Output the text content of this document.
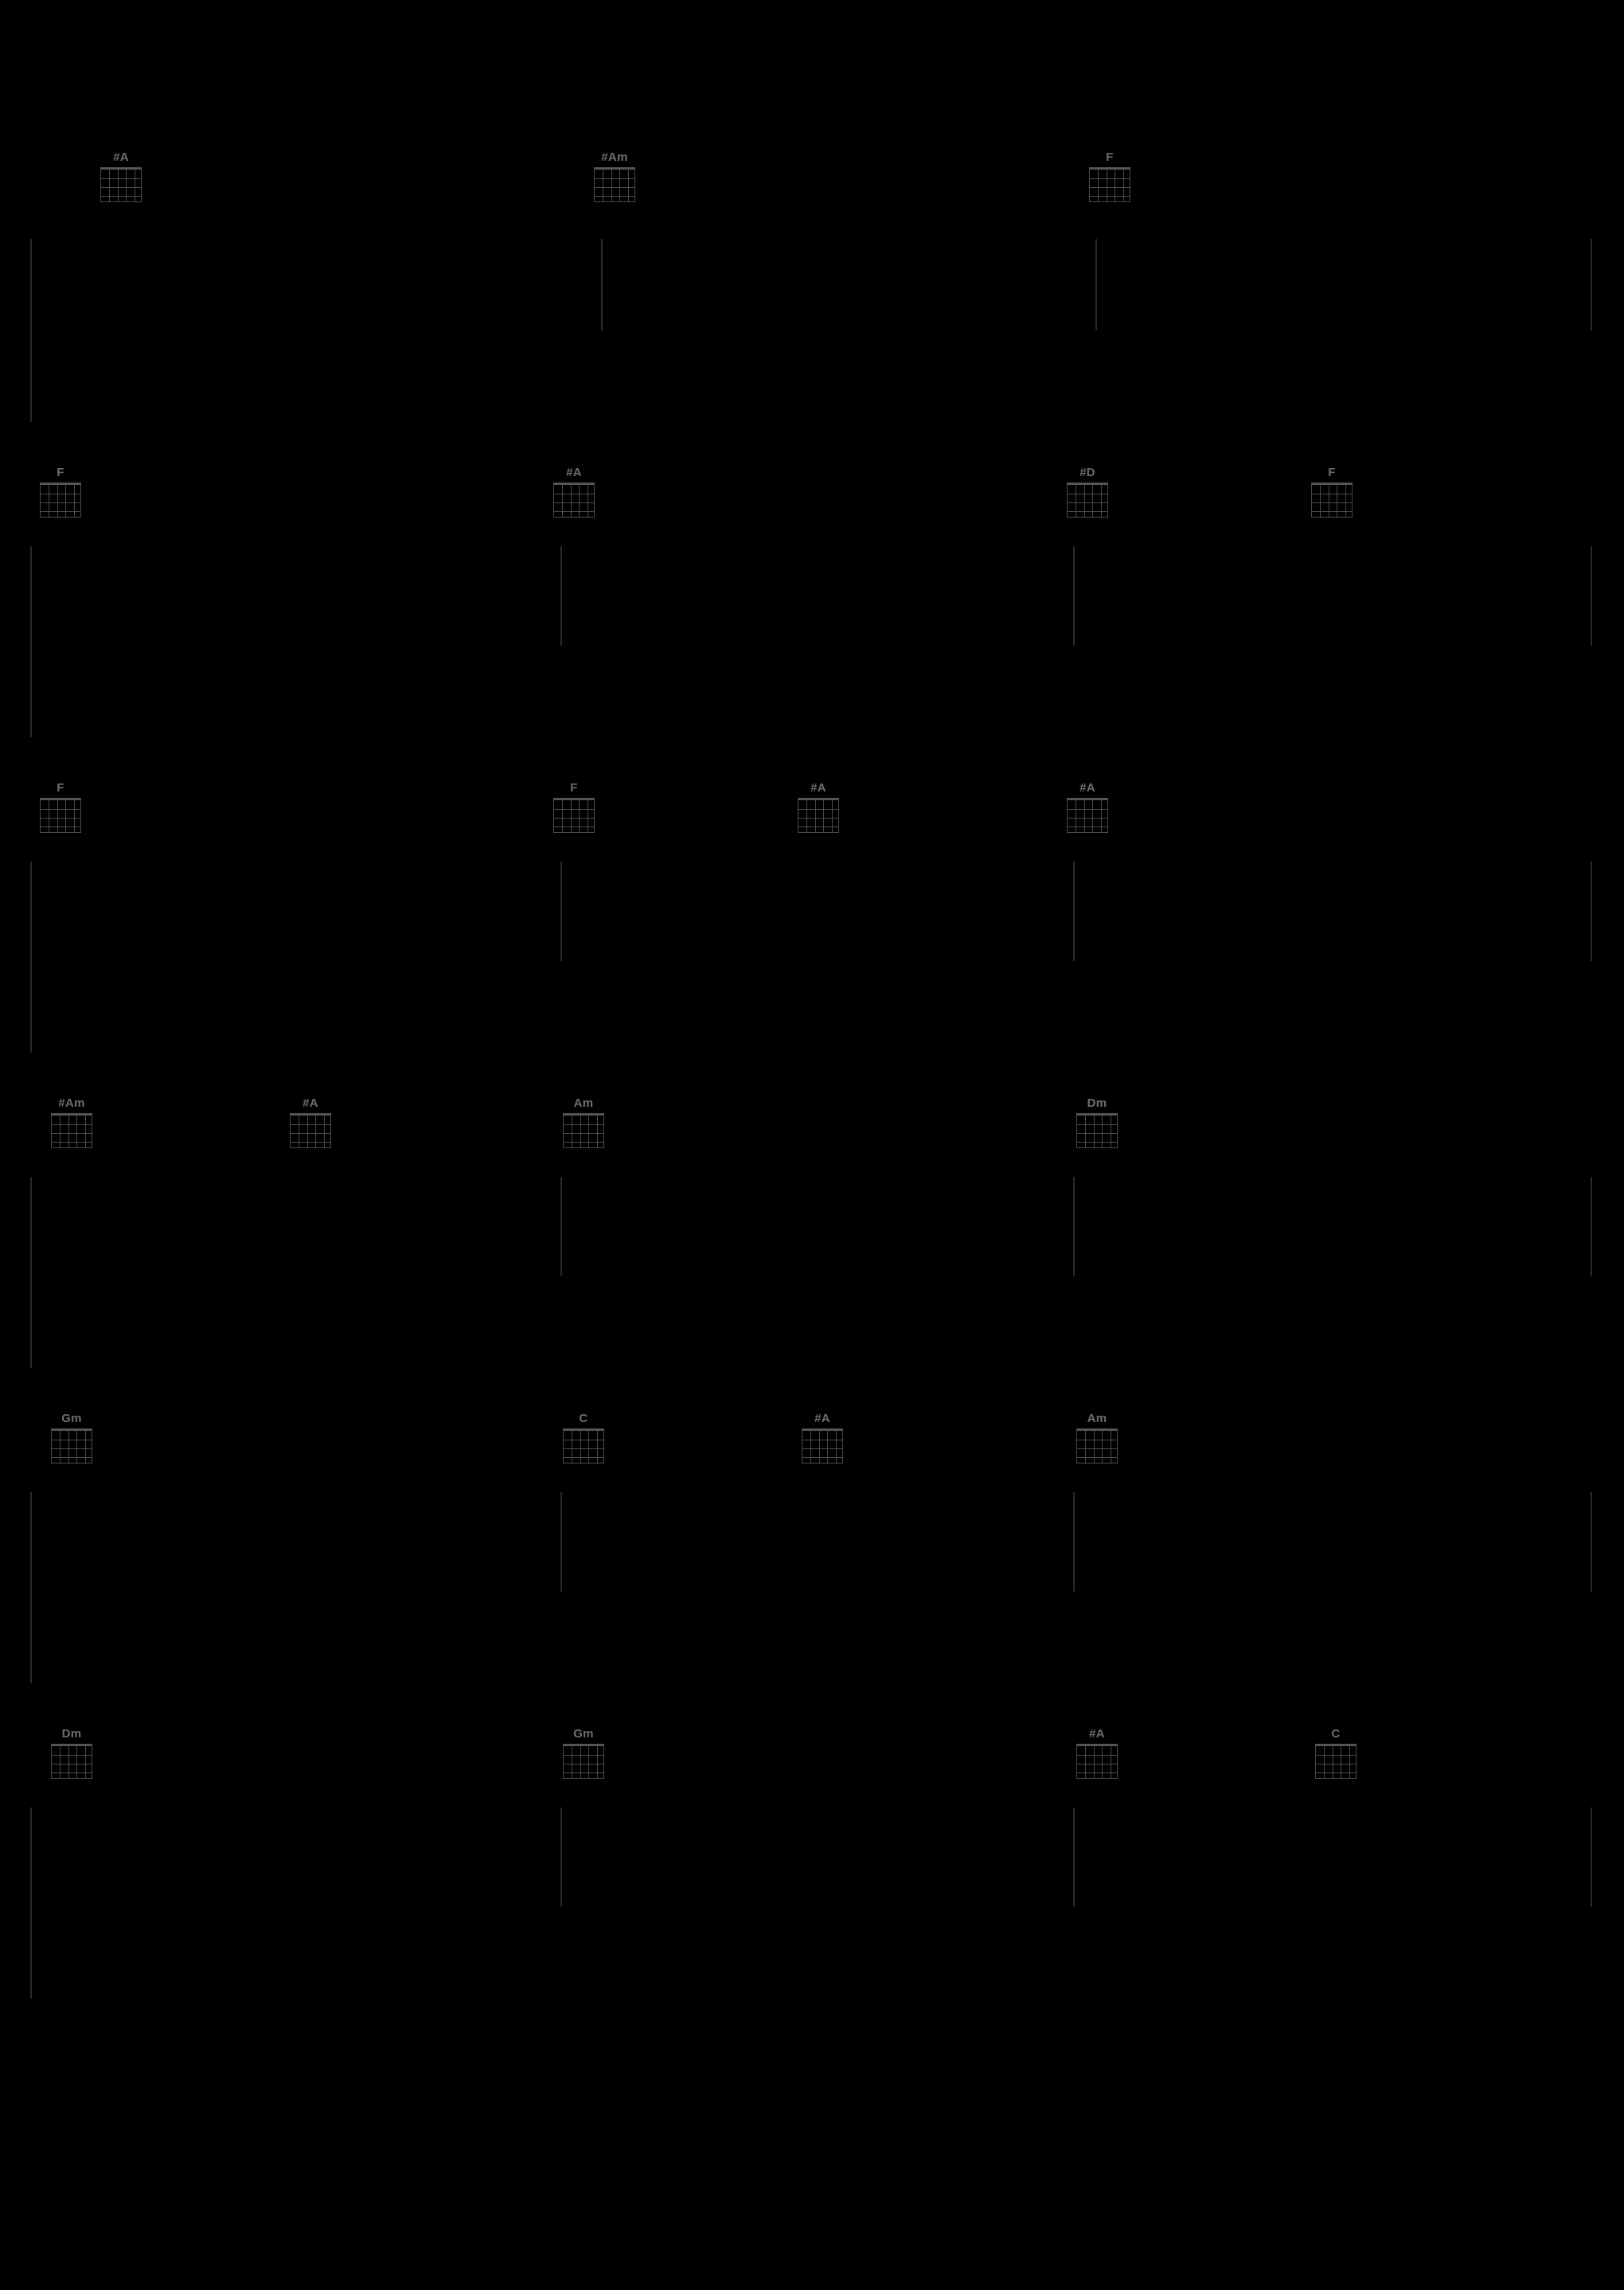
#A	#Am	F
F	#A	#D	F
F	F	#A	#A
#Am	#A	Am	Dm
Gm	C	#A	Am
Dm	Gm	#A	C
